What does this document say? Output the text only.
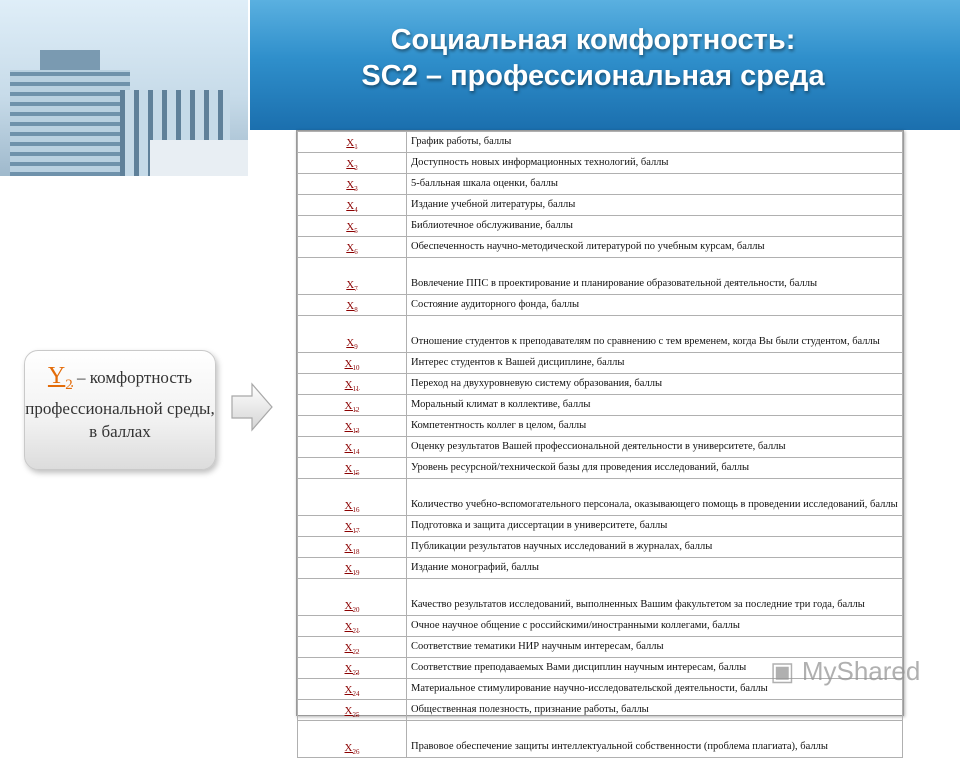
Социальная комфортность:
SC2 – профессиональная среда
$Y_2$ – комфортность профессиональной среды, в баллах
$X_1$	График работы, баллы
$X_2$	Доступность новых информационных технологий, баллы
$X_3$	5-балльная шкала оценки, баллы
$X_4$	Издание учебной литературы, баллы
$X_5$	Библиотечное обслуживание, баллы
$X_6$	Обеспеченность научно-методической литературой по учебным курсам, баллы
$X_7$	Вовлечение ППС в проектирование и планирование образовательной деятельности, баллы
$X_8$	Состояние аудиторного фонда, баллы
$X_9$	Отношение студентов к преподавателям по сравнению с тем временем, когда Вы были студентом, баллы
$X_{10}$	Интерес студентов к Вашей дисциплине, баллы
$X_{11}$	Переход на двухуровневую систему образования, баллы
$X_{12}$	Моральный климат в коллективе, баллы
$X_{13}$	Компетентность коллег в целом, баллы
$X_{14}$	Оценку результатов Вашей профессиональной деятельности в университете, баллы
$X_{15}$	Уровень ресурсной/технической базы для проведения исследований, баллы
$X_{16}$	Количество учебно-вспомогательного персонала, оказывающего помощь в проведении исследований, баллы
$X_{17}$	Подготовка и защита диссертации в университете, баллы
$X_{18}$	Публикации результатов научных исследований в журналах, баллы
$X_{19}$	Издание монографий, баллы
$X_{20}$	Качество результатов исследований, выполненных Вашим факультетом за последние три года, баллы
$X_{21}$	Очное научное общение с российскими/иностранными коллегами, баллы
$X_{22}$	Соответствие тематики НИР научным интересам, баллы
$X_{23}$	Соответствие преподаваемых Вами дисциплин научным интересам, баллы
$X_{24}$	Материальное стимулирование научно-исследовательской деятельности, баллы
$X_{25}$	Общественная полезность, признание работы, баллы
$X_{26}$	Правовое обеспечение защиты интеллектуальной собственности (проблема плагиата), баллы
▣ MyShared
